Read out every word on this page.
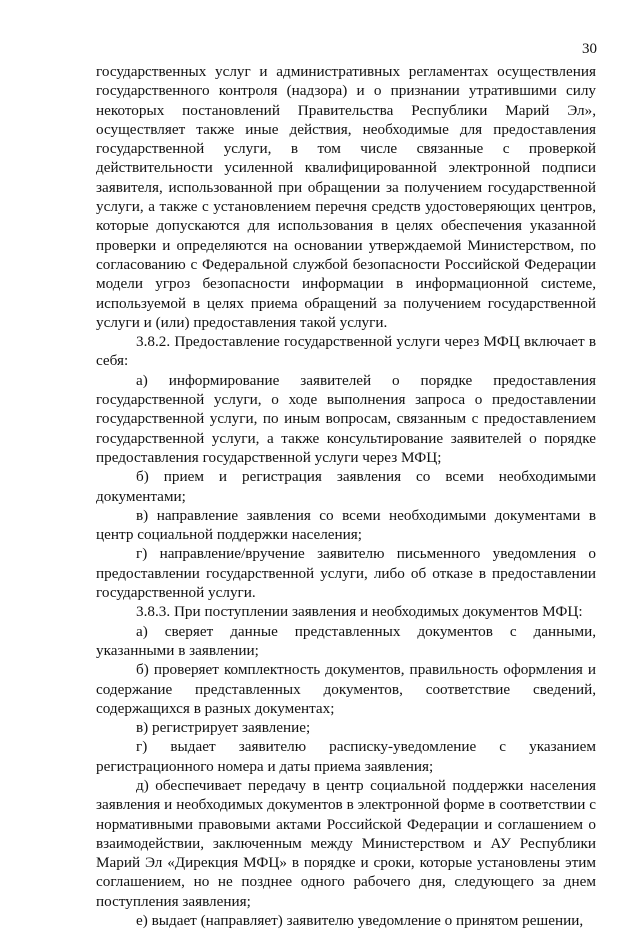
30

государственных услуг и административных регламентах осуществления государственного контроля (надзора) и о признании утратившими силу некоторых постановлений Правительства Республики Марий Эл», осуществляет также иные действия, необходимые для предоставления государственной услуги, в том числе связанные с проверкой действительности усиленной квалифицированной электронной подписи заявителя, использованной при обращении за получением государственной услуги, а также с установлением перечня средств удостоверяющих центров, которые допускаются для использования в целях обеспечения указанной проверки и определяются на основании утверждаемой Министерством, по согласованию с Федеральной службой безопасности Российской Федерации модели угроз безопасности информации в информационной системе, используемой в целях приема обращений за получением государственной услуги и (или) предоставления такой услуги.

3.8.2. Предоставление государственной услуги через МФЦ включает в себя:

а) информирование заявителей о порядке предоставления государственной услуги, о ходе выполнения запроса о предоставлении государственной услуги, по иным вопросам, связанным с предоставлением государственной услуги, а также консультирование заявителей о порядке предоставления государственной услуги через МФЦ;

б) прием и регистрация заявления со всеми необходимыми документами;

в) направление заявления со всеми необходимыми документами в центр социальной поддержки населения;

г) направление/вручение заявителю письменного уведомления о предоставлении государственной услуги, либо об отказе в предоставлении государственной услуги.

3.8.3. При поступлении заявления и необходимых документов МФЦ:

а) сверяет данные представленных документов с данными, указанными в заявлении;

б) проверяет комплектность документов, правильность оформления и содержание представленных документов, соответствие сведений, содержащихся в разных документах;

в) регистрирует заявление;

г) выдает заявителю расписку-уведомление с указанием регистрационного номера и даты приема заявления;

д) обеспечивает передачу в центр социальной поддержки населения заявления и необходимых документов в электронной форме в соответствии с нормативными правовыми актами Российской Федерации и соглашением о взаимодействии, заключенным между Министерством и АУ Республики Марий Эл «Дирекция МФЦ» в порядке и сроки, которые установлены этим соглашением, но не позднее одного рабочего дня, следующего за днем поступления заявления;

е) выдает (направляет) заявителю уведомление о принятом решении,
